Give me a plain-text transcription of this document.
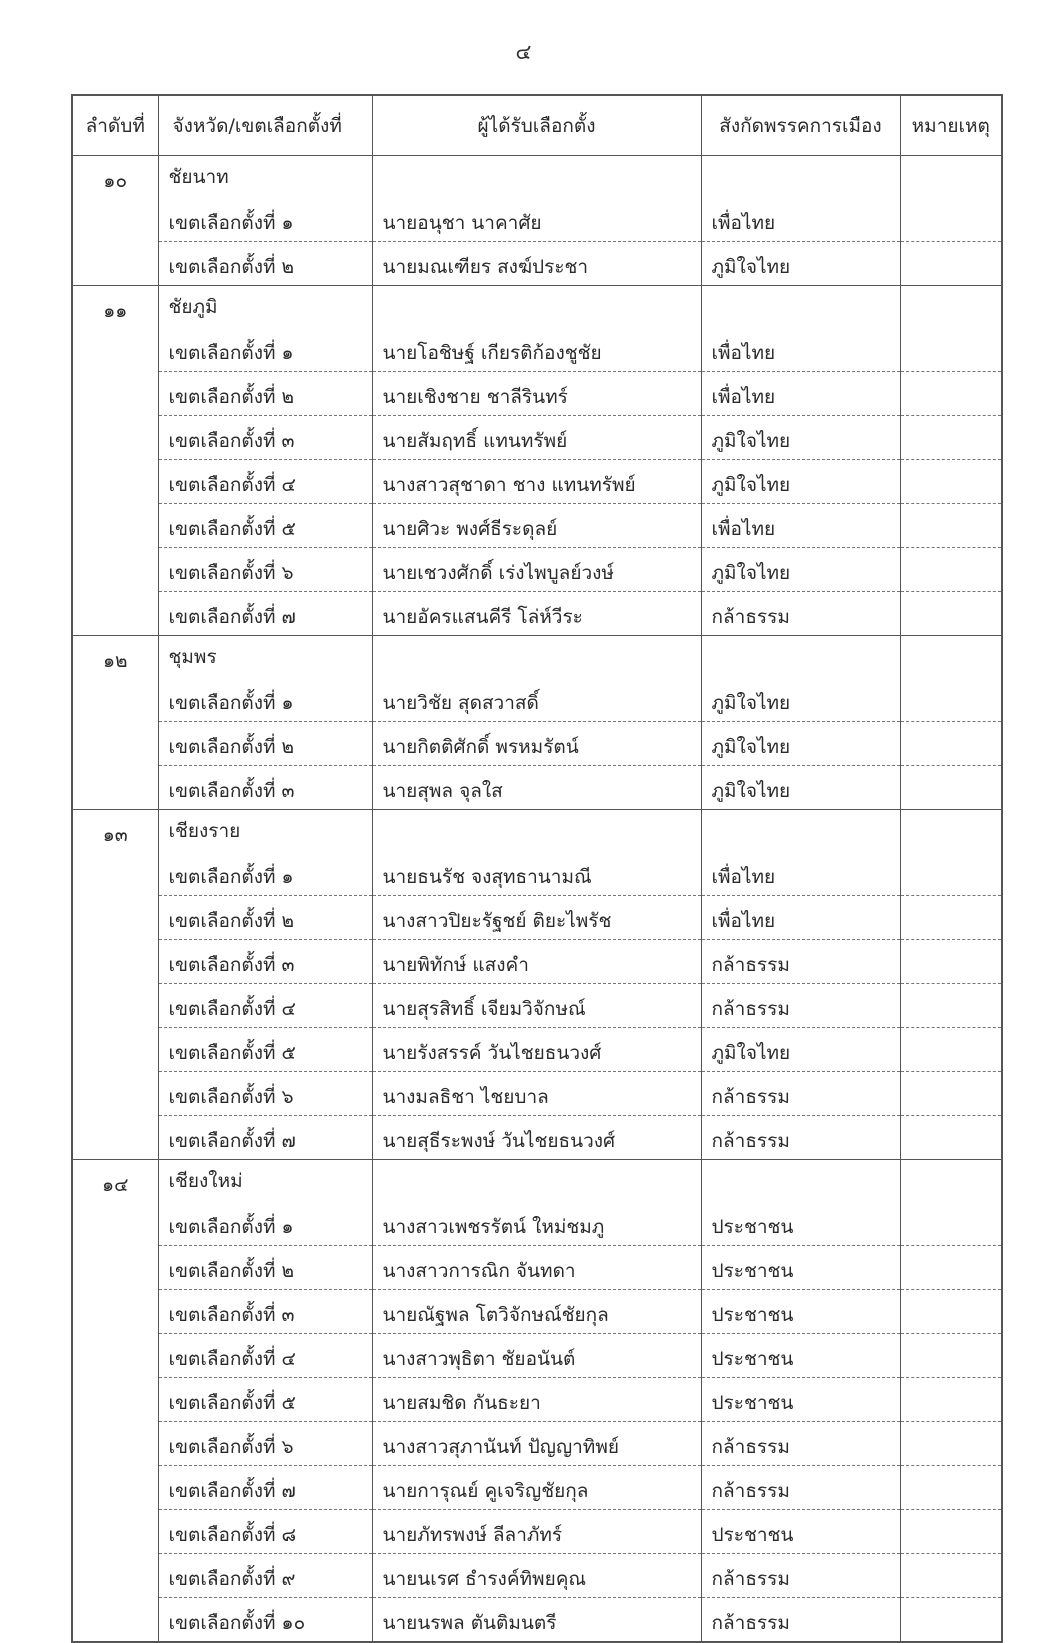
๔
ลำดับที่	จังหวัด/เขตเลือกตั้งที่	ผู้ได้รับเลือกตั้ง	สังกัดพรรคการเมือง	หมายเหตุ
๑๐	ชัยนาท			
	เขตเลือกตั้งที่ ๑	นายอนุชา นาคาศัย	เพื่อไทย	
	เขตเลือกตั้งที่ ๒	นายมณเฑียร สงฆ์ประชา	ภูมิใจไทย	
๑๑	ชัยภูมิ			
	เขตเลือกตั้งที่ ๑	นายโอชิษฐ์ เกียรติก้องชูชัย	เพื่อไทย	
	เขตเลือกตั้งที่ ๒	นายเชิงชาย ชาลีรินทร์	เพื่อไทย	
	เขตเลือกตั้งที่ ๓	นายสัมฤทธิ์ แทนทรัพย์	ภูมิใจไทย	
	เขตเลือกตั้งที่ ๔	นางสาวสุชาดา ชาง แทนทรัพย์	ภูมิใจไทย	
	เขตเลือกตั้งที่ ๕	นายศิวะ พงศ์ธีระดุลย์	เพื่อไทย	
	เขตเลือกตั้งที่ ๖	นายเชวงศักดิ์ เร่งไพบูลย์วงษ์	ภูมิใจไทย	
	เขตเลือกตั้งที่ ๗	นายอัครแสนคีรี โล่ห์วีระ	กล้าธรรม	
๑๒	ชุมพร			
	เขตเลือกตั้งที่ ๑	นายวิชัย สุดสวาสดิ์	ภูมิใจไทย	
	เขตเลือกตั้งที่ ๒	นายกิตติศักดิ์ พรหมรัตน์	ภูมิใจไทย	
	เขตเลือกตั้งที่ ๓	นายสุพล จุลใส	ภูมิใจไทย	
๑๓	เชียงราย			
	เขตเลือกตั้งที่ ๑	นายธนรัช จงสุทธานามณี	เพื่อไทย	
	เขตเลือกตั้งที่ ๒	นางสาวปิยะรัฐชย์ ติยะไพรัช	เพื่อไทย	
	เขตเลือกตั้งที่ ๓	นายพิทักษ์ แสงคำ	กล้าธรรม	
	เขตเลือกตั้งที่ ๔	นายสุรสิทธิ์ เจียมวิจักษณ์	กล้าธรรม	
	เขตเลือกตั้งที่ ๕	นายรังสรรค์ วันไชยธนวงศ์	ภูมิใจไทย	
	เขตเลือกตั้งที่ ๖	นางมลธิชา ไชยบาล	กล้าธรรม	
	เขตเลือกตั้งที่ ๗	นายสุธีระพงษ์ วันไชยธนวงศ์	กล้าธรรม	
๑๔	เชียงใหม่			
	เขตเลือกตั้งที่ ๑	นางสาวเพชรรัตน์ ใหม่ชมภู	ประชาชน	
	เขตเลือกตั้งที่ ๒	นางสาวการณิก จันทดา	ประชาชน	
	เขตเลือกตั้งที่ ๓	นายณัฐพล โตวิจักษณ์ชัยกุล	ประชาชน	
	เขตเลือกตั้งที่ ๔	นางสาวพุธิตา ชัยอนันต์	ประชาชน	
	เขตเลือกตั้งที่ ๕	นายสมชิด กันธะยา	ประชาชน	
	เขตเลือกตั้งที่ ๖	นางสาวสุภานันท์ ปัญญาทิพย์	กล้าธรรม	
	เขตเลือกตั้งที่ ๗	นายการุณย์ คูเจริญชัยกุล	กล้าธรรม	
	เขตเลือกตั้งที่ ๘	นายภัทรพงษ์ ลีลาภัทร์	ประชาชน	
	เขตเลือกตั้งที่ ๙	นายนเรศ ธำรงค์ทิพยคุณ	กล้าธรรม	
	เขตเลือกตั้งที่ ๑๐	นายนรพล ตันติมนตรี	กล้าธรรม	
